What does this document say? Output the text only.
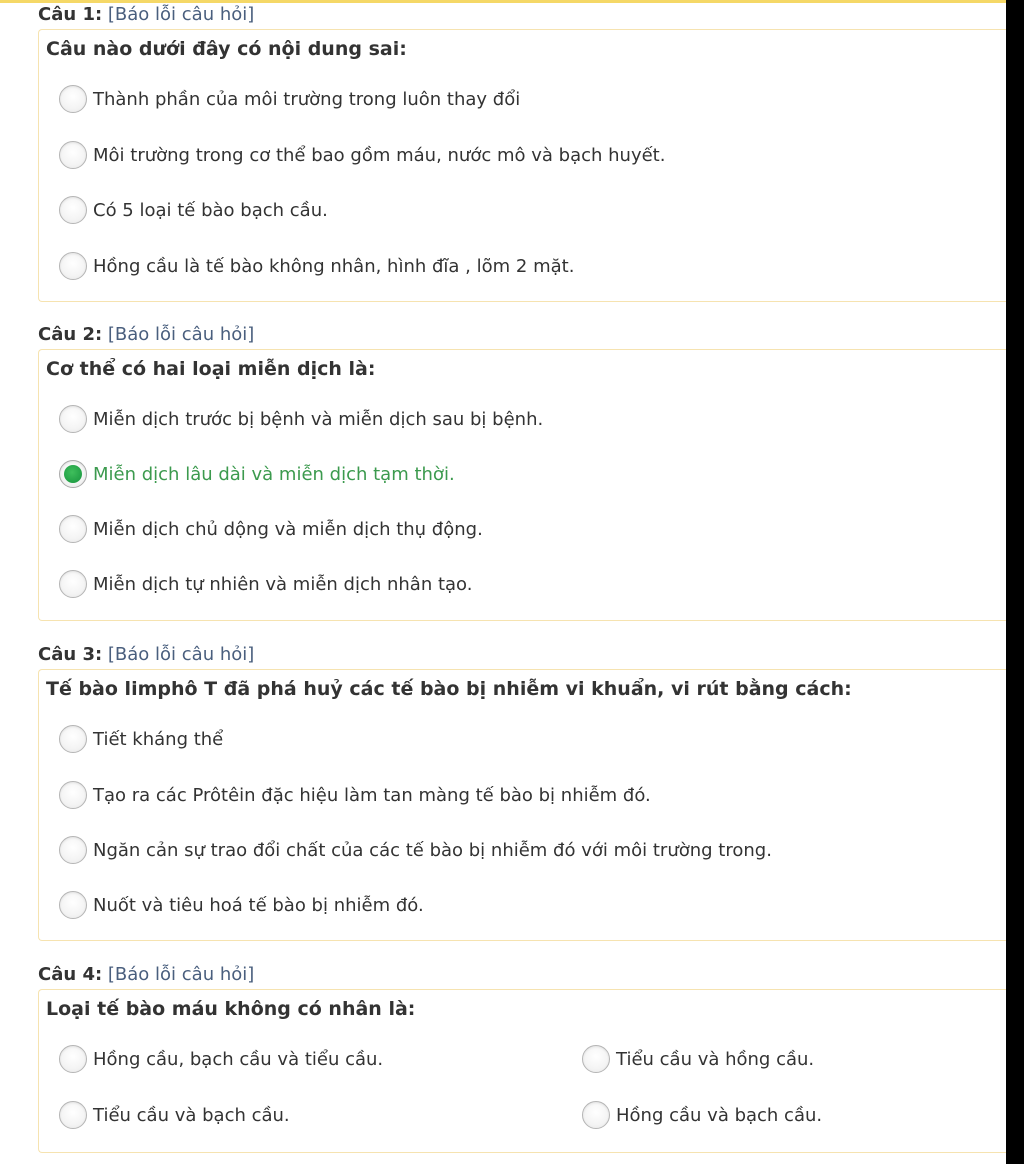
Câu 1: [Báo lỗi câu hỏi]
Câu nào dưới đây có nội dung sai:
Thành phần của môi trường trong luôn thay đổi
Môi trường trong cơ thể bao gồm máu, nước mô và bạch huyết.
Có 5 loại tế bào bạch cầu.
Hồng cầu là tế bào không nhân, hình đĩa , lõm 2 mặt.
Câu 2: [Báo lỗi câu hỏi]
Cơ thể có hai loại miễn dịch là:
Miễn dịch trước bị bệnh và miễn dịch sau bị bệnh.
Miễn dịch lâu dài và miễn dịch tạm thời.
Miễn dịch chủ dộng và miễn dịch thụ động.
Miễn dịch tự nhiên và miễn dịch nhân tạo.
Câu 3: [Báo lỗi câu hỏi]
Tế bào limphô T đã phá huỷ các tế bào bị nhiễm vi khuẩn, vi rút bằng cách:
Tiết kháng thể
Tạo ra các Prôtêin đặc hiệu làm tan màng tế bào bị nhiễm đó.
Ngăn cản sự trao đổi chất của các tế bào bị nhiễm đó với môi trường trong.
Nuốt và tiêu hoá tế bào bị nhiễm đó.
Câu 4: [Báo lỗi câu hỏi]
Loại tế bào máu không có nhân là:
Hồng cầu, bạch cầu và tiểu cầu.	Tiểu cầu và hồng cầu.
Tiểu cầu và bạch cầu.	Hồng cầu và bạch cầu.
